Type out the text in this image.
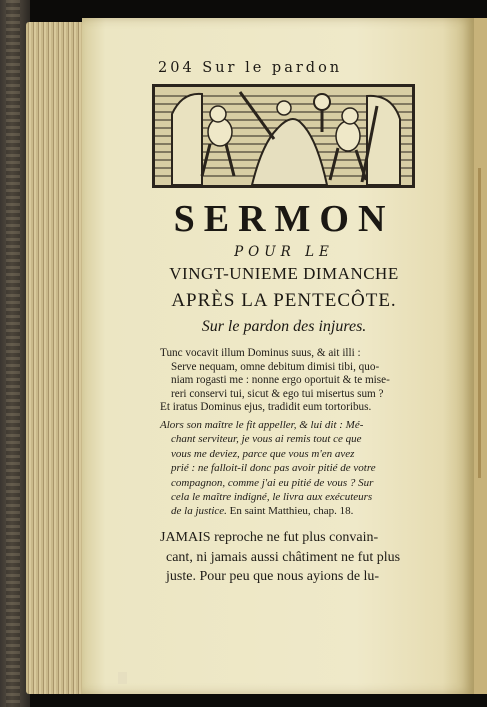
204 Sur le pardon
SERMON
POUR LE
VINGT-UNIEME DIMANCHE
APRÈS LA PENTECÔTE.
Sur le pardon des injures.
Tunc vocavit illum Dominus suus, & ait illi :
Serve nequam, omne debitum dimisi tibi, quo-
niam rogasti me : nonne ergo oportuit & te mise-
reri conservi tui, sicut & ego tui misertus sum ?
Et iratus Dominus ejus, tradidit eum tortoribus.
Alors son maître le fit appeller, & lui dit : Mé-
chant serviteur, je vous ai remis tout ce que
vous me deviez, parce que vous m'en avez
prié : ne falloit-il donc pas avoir pitié de votre
compagnon, comme j'ai eu pitié de vous ? Sur
cela le maître indigné, le livra aux exécuteurs
de la justice. En saint Matthieu, chap. 18.
JAMAIS reproche ne fut plus convain-
cant, ni jamais aussi châtiment ne fut plus
juste. Pour peu que nous ayions de lu-
